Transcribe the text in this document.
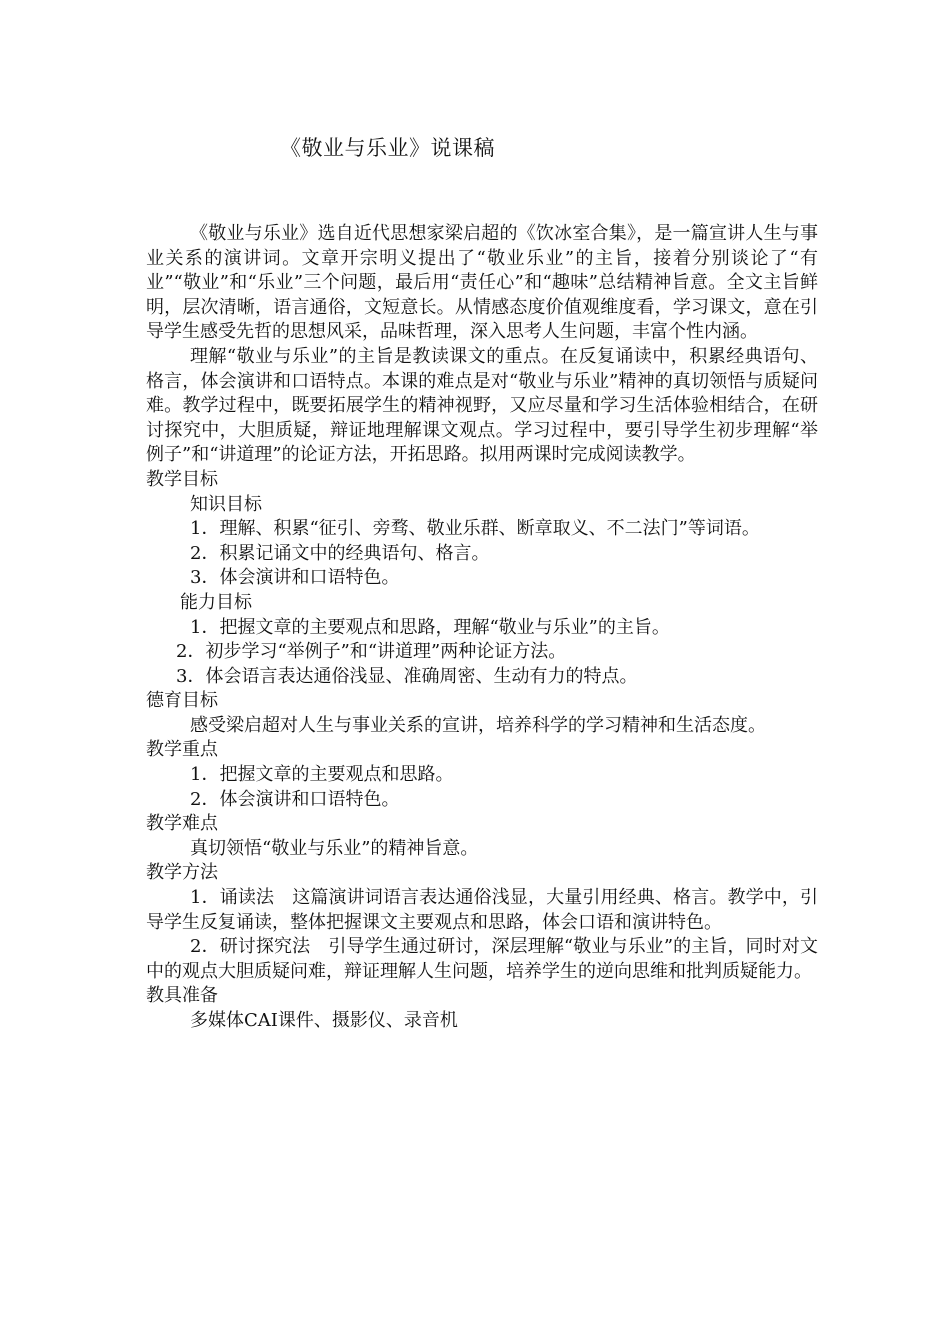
《敬业与乐业》说课稿

《敬业与乐业》选自近代思想家梁启超的《饮冰室合集》，是一篇宣讲人生与事业关系的演讲词。文章开宗明义提出了“敬业乐业”的主旨，接着分别谈论了“有业”“敬业”和“乐业”三个问题，最后用“责任心”和“趣味”总结精神旨意。全文主旨鲜明，层次清晰，语言通俗，文短意长。从情感态度价值观维度看，学习课文，意在引导学生感受先哲的思想风采，品味哲理，深入思考人生问题，丰富个性内涵。

理解“敬业与乐业”的主旨是教读课文的重点。在反复诵读中，积累经典语句、格言，体会演讲和口语特点。本课的难点是对“敬业与乐业”精神的真切领悟与质疑问难。教学过程中，既要拓展学生的精神视野，又应尽量和学习生活体验相结合，在研讨探究中，大胆质疑，辩证地理解课文观点。学习过程中，要引导学生初步理解“举例子”和“讲道理”的论证方法，开拓思路。拟用两课时完成阅读教学。

教学目标
知识目标

1．理解、积累“征引、旁骛、敬业乐群、断章取义、不二法门”等词语。

2．积累记诵文中的经典语句、格言。
3．体会演讲和口语特色。
能力目标
1．把握文章的主要观点和思路，理解“敬业与乐业”的主旨。
2．初步学习“举例子”和“讲道理”两种论证方法。
3．体会语言表达通俗浅显、准确周密、生动有力的特点。
德育目标

感受梁启超对人生与事业关系的宣讲，培养科学的学习精神和生活态度。

教学重点
1．把握文章的主要观点和思路。
2．体会演讲和口语特色。
教学难点
真切领悟“敬业与乐业”的精神旨意。
教学方法

1．诵读法　这篇演讲词语言表达通俗浅显，大量引用经典、格言。教学中，引导学生反复诵读，整体把握课文主要观点和思路，体会口语和演讲特色。

2．研讨探究法　引导学生通过研讨，深层理解“敬业与乐业”的主旨，同时对文中的观点大胆质疑问难，辩证理解人生问题，培养学生的逆向思维和批判质疑能力。

教具准备
多媒体CAI课件、摄影仪、录音机
